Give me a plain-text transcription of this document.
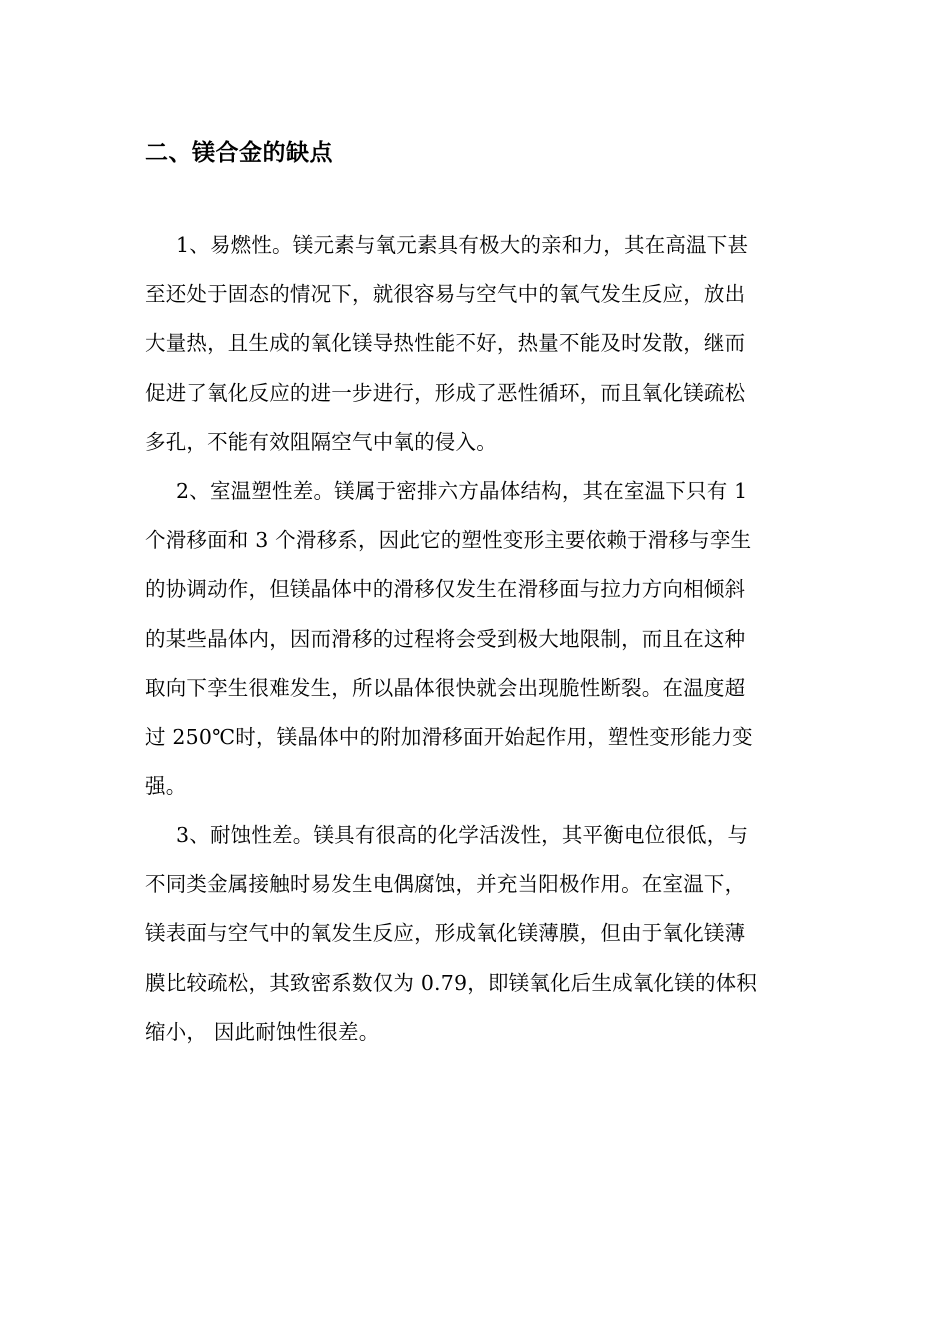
二、镁合金的缺点
1、易燃性。镁元素与氧元素具有极大的亲和力，其在高温下甚
至还处于固态的情况下，就很容易与空气中的氧气发生反应，放出
大量热，且生成的氧化镁导热性能不好，热量不能及时发散，继而
促进了氧化反应的进一步进行，形成了恶性循环，而且氧化镁疏松
多孔，不能有效阻隔空气中氧的侵入。
2、室温塑性差。镁属于密排六方晶体结构，其在室温下只有 1
个滑移面和 3 个滑移系，因此它的塑性变形主要依赖于滑移与孪生
的协调动作，但镁晶体中的滑移仅发生在滑移面与拉力方向相倾斜
的某些晶体内，因而滑移的过程将会受到极大地限制，而且在这种
取向下孪生很难发生，所以晶体很快就会出现脆性断裂。在温度超
过 250℃时，镁晶体中的附加滑移面开始起作用，塑性变形能力变
强。
3、耐蚀性差。镁具有很高的化学活泼性，其平衡电位很低，与
不同类金属接触时易发生电偶腐蚀，并充当阳极作用。在室温下，
镁表面与空气中的氧发生反应，形成氧化镁薄膜，但由于氧化镁薄
膜比较疏松，其致密系数仅为 0.79，即镁氧化后生成氧化镁的体积
缩小， 因此耐蚀性很差。
